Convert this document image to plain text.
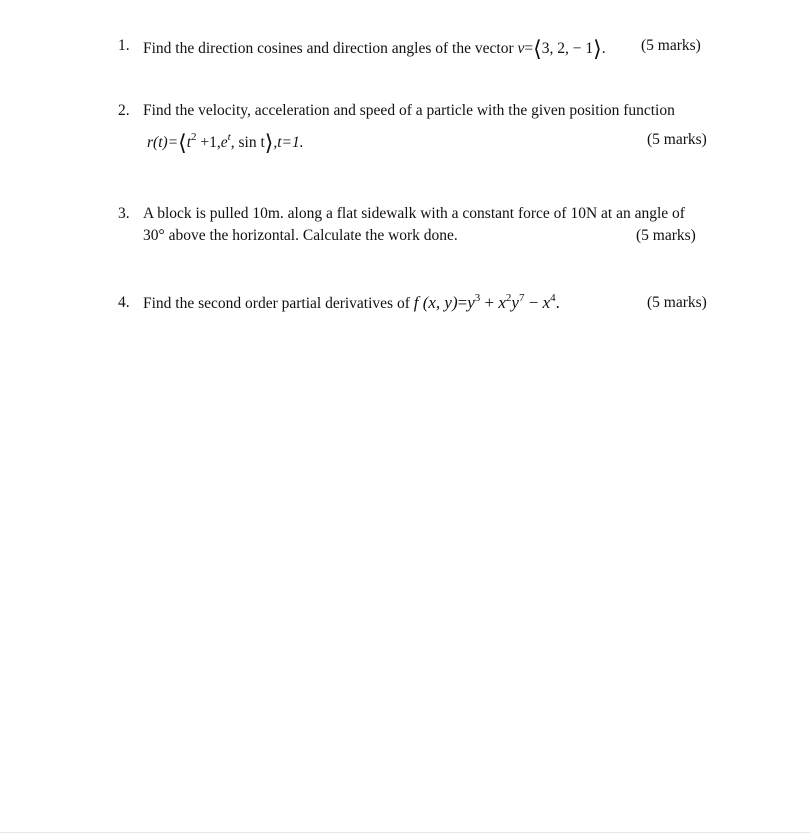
1. Find the direction cosines and direction angles of the vector v=⟨3, 2, − 1⟩. (5 marks)
2. Find the velocity, acceleration and speed of a particle with the given position function
$r(t)=⟨t^2 +1,e^t$, sin t⟩,t=1.	(5 marks)
3. A block is pulled 10m. along a flat sidewalk with a constant force of 10N at an angle of
30° above the horizontal. Calculate the work done.	(5 marks)
4. Find the second order partial derivatives of f (x, $y)=y^3 + x^2y^7 - x^4$.	(5 marks)
